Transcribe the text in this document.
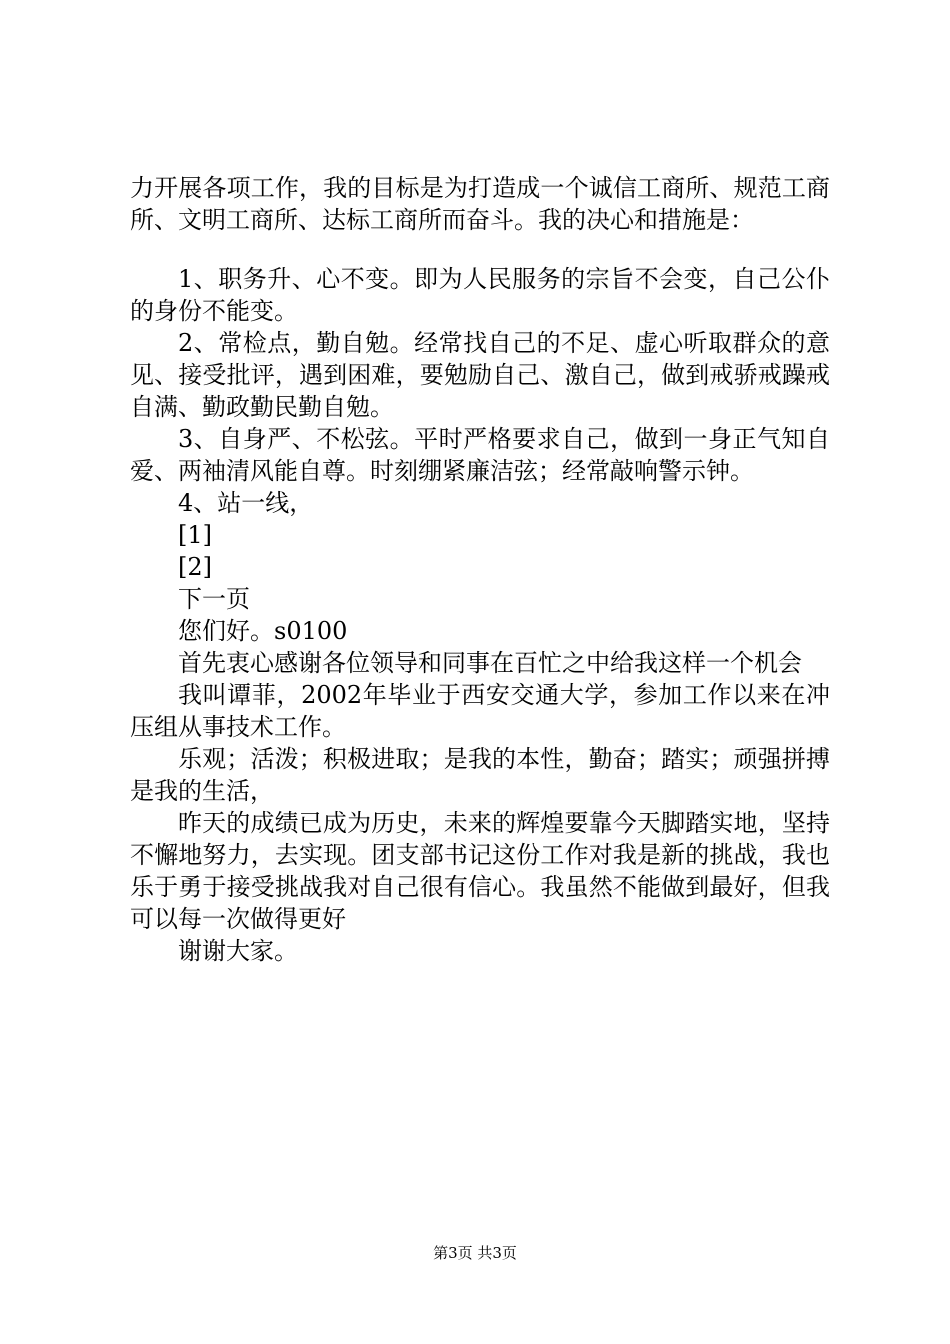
力开展各项工作，我的目标是为打造成一个诚信工商所、规范工商所、文明工商所、达标工商所而奋斗。我的决心和措施是：

1、职务升、心不变。即为人民服务的宗旨不会变，自己公仆的身份不能变。

2、常检点，勤自勉。经常找自己的不足、虚心听取群众的意见、接受批评，遇到困难，要勉励自己、激自己，做到戒骄戒躁戒自满、勤政勤民勤自勉。

3、自身严、不松弦。平时严格要求自己，做到一身正气知自爱、两袖清风能自尊。时刻绷紧廉洁弦；经常敲响警示钟。

4、站一线，

[1]

[2]

下一页

您们好。s0100

首先衷心感谢各位领导和同事在百忙之中给我这样一个机会

我叫谭菲，2002年毕业于西安交通大学，参加工作以来在冲压组从事技术工作。

乐观；活泼；积极进取；是我的本性，勤奋；踏实；顽强拼搏是我的生活，

昨天的成绩已成为历史，未来的辉煌要靠今天脚踏实地，坚持不懈地努力，去实现。团支部书记这份工作对我是新的挑战，我也乐于勇于接受挑战我对自己很有信心。我虽然不能做到最好，但我可以每一次做得更好

谢谢大家。

第3页 共3页
